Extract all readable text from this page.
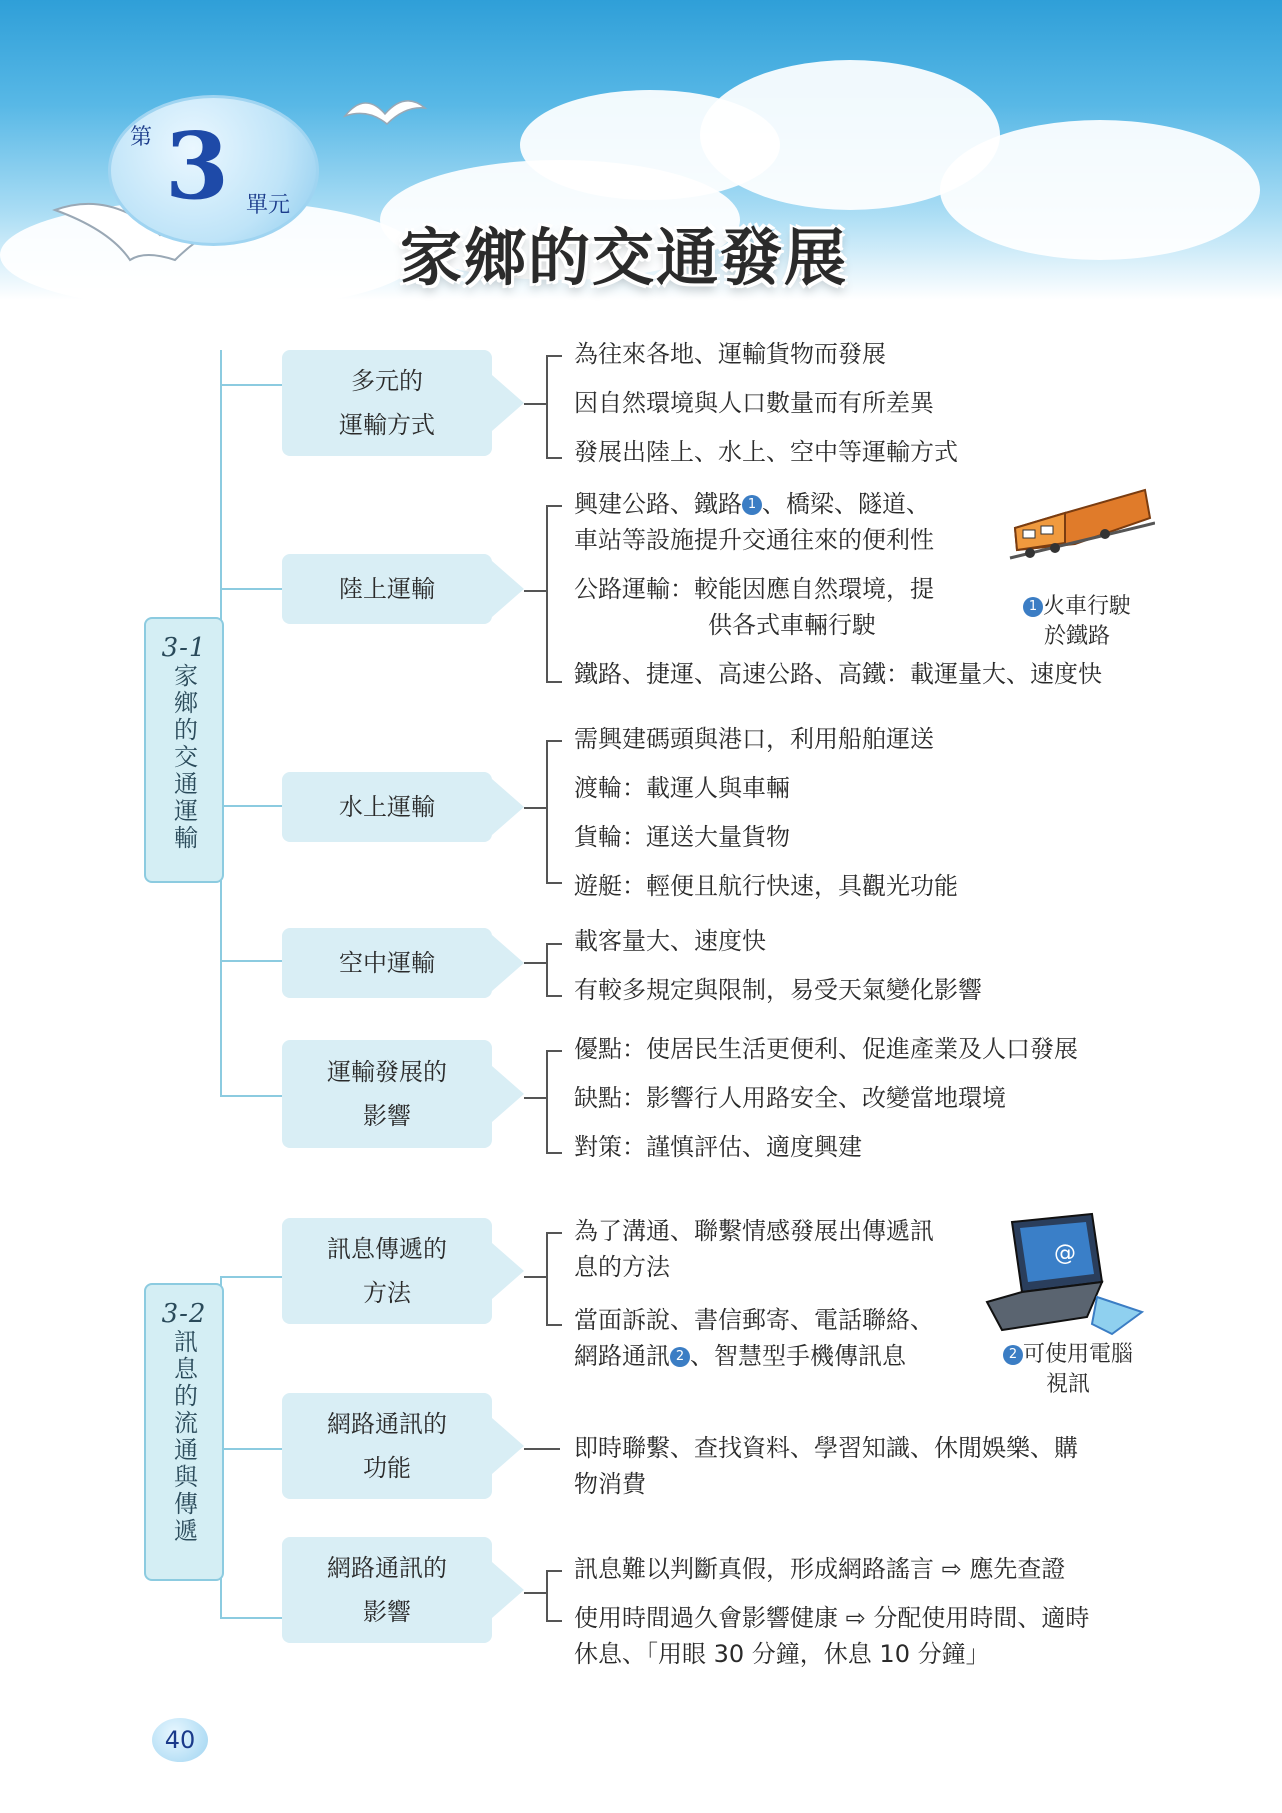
第 3 單元
家鄉的交通發展
3-1
家鄉的交通運輸
多元的
運輸方式
陸上運輸
水上運輸
空中運輸
運輸發展的
影響
為往來各地、運輸貨物而發展
因自然環境與人口數量而有所差異
發展出陸上、水上、空中等運輸方式
興建公路、鐵路 1 、橋梁、隧道、
車站等設施提升交通往來的便利性
公路運輸：較能因應自然環境，提
供各式車輛行駛
鐵路、捷運、高速公路、高鐵：載運量大、速度快
1 火車行駛
於鐵路
需興建碼頭與港口，利用船舶運送
渡輪：載運人與車輛
貨輪：運送大量貨物
遊艇：輕便且航行快速，具觀光功能
載客量大、速度快
有較多規定與限制，易受天氣變化影響
優點：使居民生活更便利、促進產業及人口發展
缺點：影響行人用路安全、改變當地環境
對策：謹慎評估、適度興建
3-2
訊息的流通與傳遞
訊息傳遞的
方法
網路通訊的
功能
網路通訊的
影響
為了溝通、聯繫情感發展出傳遞訊
息的方法
當面訴說、書信郵寄、電話聯絡、
網路通訊 2 、智慧型手機傳訊息
@
2 可使用電腦
視訊
即時聯繫、查找資料、學習知識、休閒娛樂、購
物消費
訊息難以判斷真假，形成網路謠言 ⇨ 應先查證
使用時間過久會影響健康 ⇨ 分配使用時間、適時
休息、「用眼 30 分鐘，休息 10 分鐘」
40
